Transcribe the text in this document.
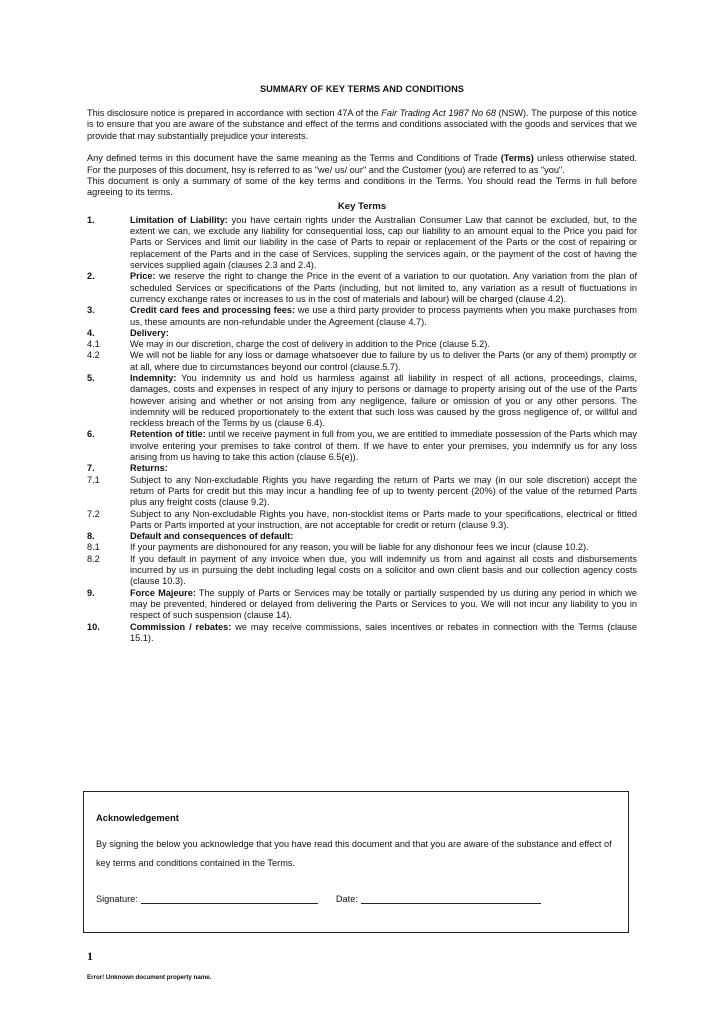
SUMMARY OF KEY TERMS AND CONDITIONS

This disclosure notice is prepared in accordance with section 47A of the Fair Trading Act 1987 No 68 (NSW). The purpose of this notice is to ensure that you are aware of the substance and effect of the terms and conditions associated with the goods and services that we provide that may substantially prejudice your interests.

Any defined terms in this document have the same meaning as the Terms and Conditions of Trade (Terms) unless otherwise stated. For the purposes of this document, hsy is referred to as "we/ us/ our" and the Customer (you) are referred to as "you".

This document is only a summary of some of the key terms and conditions in the Terms. You should read the Terms in full before agreeing to its terms.

Key Terms
1.	Limitation of Liability: you have certain rights under the Australian Consumer Law that cannot be excluded, but, to the extent we can, we exclude any liability for consequential loss, cap our liability to an amount equal to the Price you paid for Parts or Services and limit our liability in the case of Parts to repair or replacement of the Parts or the cost of repairing or replacement of the Parts and in the case of Services, suppling the services again, or the payment of the cost of having the services supplied again (clauses 2.3 and 2.4).
2.	Price: we reserve the right to change the Price in the event of a variation to our quotation. Any variation from the plan of scheduled Services or specifications of the Parts (including, but not limited to, any variation as a result of fluctuations in currency exchange rates or increases to us in the cost of materials and labour) will be charged (clause 4.2).
3.	Credit card fees and processing fees: we use a third party provider to process payments when you make purchases from us, these amounts are non-refundable under the Agreement (clause 4.7).
4.	Delivery:
4.1	We may in our discretion, charge the cost of delivery in addition to the Price (clause 5.2).
4.2	We will not be liable for any loss or damage whatsoever due to failure by us to deliver the Parts (or any of them) promptly or at all, where due to circumstances beyond our control (clause.5.7).
5.	Indemnity: You indemnity us and hold us harmless against all liability in respect of all actions, proceedings, claims, damages, costs and expenses in respect of any injury to persons or damage to property arising out of the use of the Parts however arising and whether or not arising from any negligence, failure or omission of you or any other persons. The indemnity will be reduced proportionately to the extent that such loss was caused by the gross negligence of, or willful and reckless breach of the Terms by us (clause 6.4).
6.	Retention of title: until we receive payment in full from you, we are entitled to immediate possession of the Parts which may involve entering your premises to take control of them. If we have to enter your premises, you indemnify us for any loss arising from us having to take this action (clause 6.5(e)).
7.	Returns:
7.1	Subject to any Non-excludable Rights you have regarding the return of Parts we may (in our sole discretion) accept the return of Parts for credit but this may incur a handling fee of up to twenty percent (20%) of the value of the returned Parts plus any freight costs (clause 9.2).
7.2	Subject to any Non-excludable Rights you have, non-stocklist items or Parts made to your specifications, electrical or fitted Parts or Parts imported at your instruction, are not acceptable for credit or return (clause 9.3).
8.	Default and consequences of default:
8.1	If your payments are dishonoured for any reason, you will be liable for any dishonour fees we incur (clause 10.2).
8.2	If you default in payment of any invoice when due, you will indemnify us from and against all costs and disbursements incurred by us in pursuing the debt including legal costs on a solicitor and own client basis and our collection agency costs (clause 10.3).
9.	Force Majeure: The supply of Parts or Services may be totally or partially suspended by us during any period in which we may be prevented, hindered or delayed from delivering the Parts or Services to you. We will not incur any liability to you in respect of such suspension (clause 14).
10.	Commission / rebates: we may receive commissions, sales incentives or rebates in connection with the Terms (clause 15.1).
Acknowledgement
By signing the below you acknowledge that you have read this document and that you are aware of the substance and effect of key terms and conditions contained in the Terms.
Signature:	Date:
1
Error! Unknown document property name.
